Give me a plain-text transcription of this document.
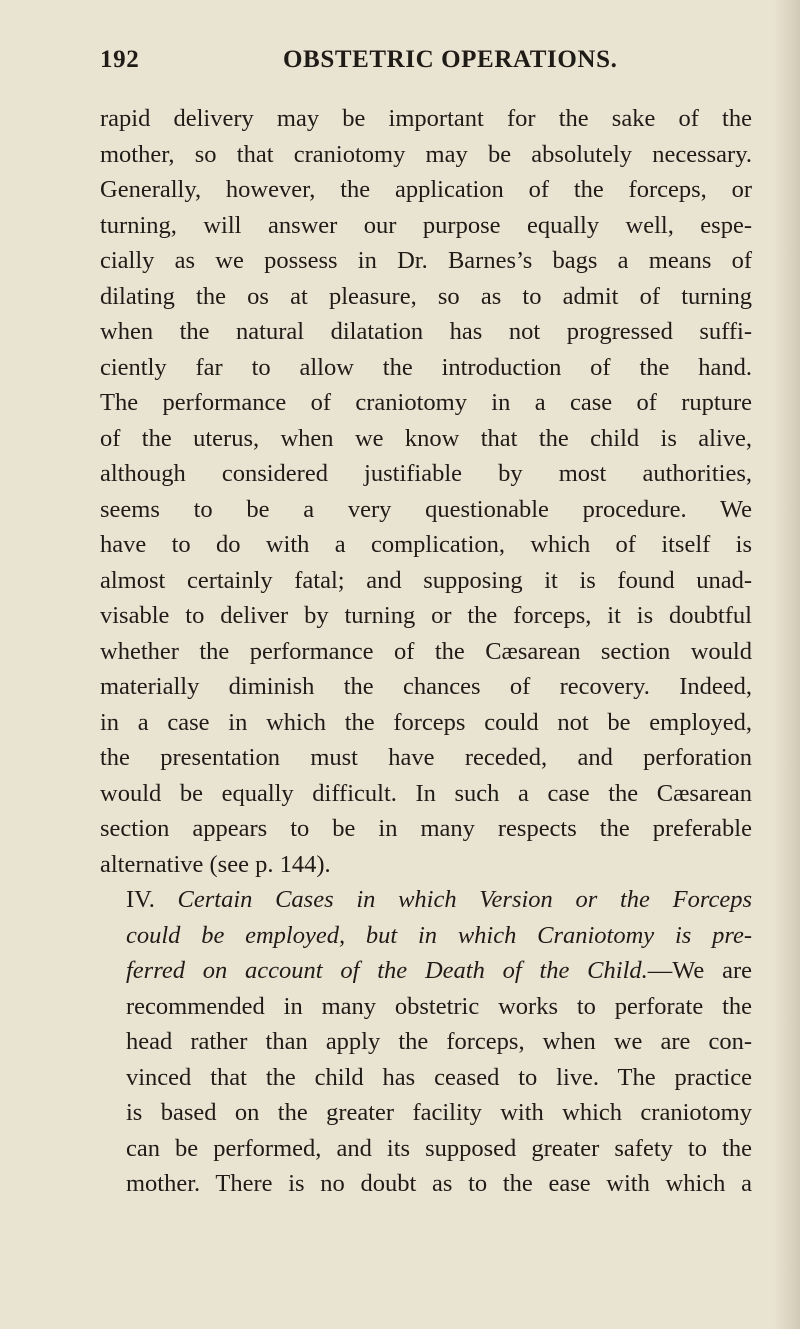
192	OBSTETRIC OPERATIONS.

rapid delivery may be important for the sake of the
mother, so that craniotomy may be absolutely necessary.
Generally, however, the application of the forceps, or
turning, will answer our purpose equally well, espe-
cially as we possess in Dr. Barnes’s bags a means of
dilating the os at pleasure, so as to admit of turning
when the natural dilatation has not progressed suffi-
ciently far to allow the introduction of the hand.
The performance of craniotomy in a case of rupture
of the uterus, when we know that the child is alive,
although considered justifiable by most authorities,
seems to be a very questionable procedure. We
have to do with a complication, which of itself is
almost certainly fatal; and supposing it is found unad-
visable to deliver by turning or the forceps, it is doubtful
whether the performance of the Cæsarean section would
materially diminish the chances of recovery. Indeed,
in a case in which the forceps could not be employed,
the presentation must have receded, and perforation
would be equally difficult. In such a case the Cæsarean
section appears to be in many respects the preferable
alternative (see p. 144).

IV. Certain Cases in which Version or the Forceps
could be employed, but in which Craniotomy is pre-
ferred on account of the Death of the Child.—We are
recommended in many obstetric works to perforate the
head rather than apply the forceps, when we are con-
vinced that the child has ceased to live. The practice
is based on the greater facility with which craniotomy
can be performed, and its supposed greater safety to the
mother. There is no doubt as to the ease with which a
